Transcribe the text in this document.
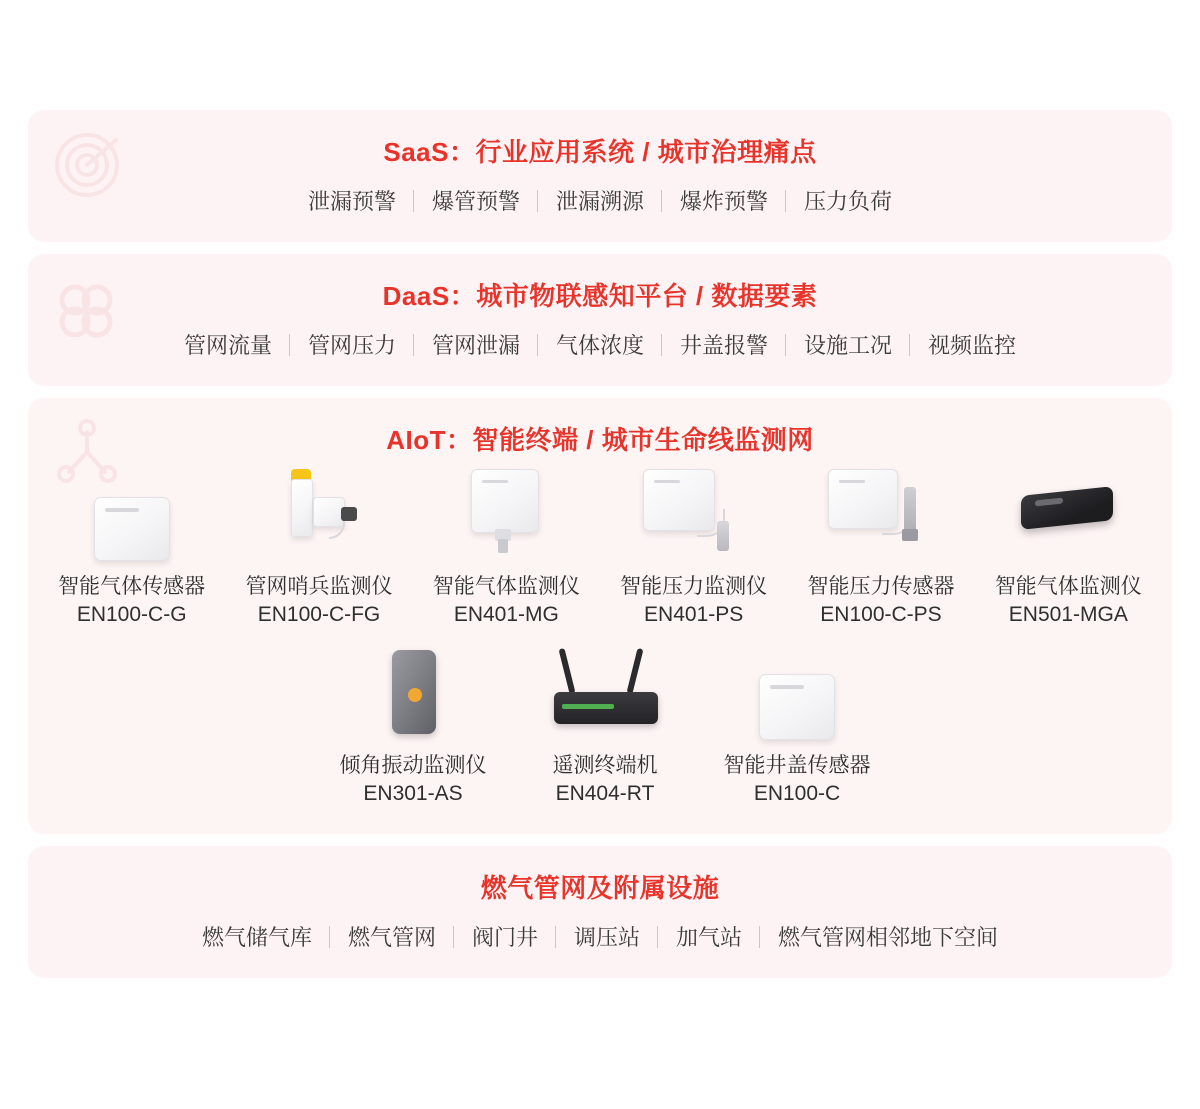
SaaS：行业应用系统 / 城市治理痛点
泄漏预警	爆管预警	泄漏溯源	爆炸预警	压力负荷
DaaS：城市物联感知平台 / 数据要素
管网流量	管网压力	管网泄漏	气体浓度	井盖报警	设施工况	视频监控
AIoT：智能终端 / 城市生命线监测网
智能气体传感器
EN100-C-G
管网哨兵监测仪
EN100-C-FG
智能气体监测仪
EN401-MG
智能压力监测仪
EN401-PS
智能压力传感器
EN100-C-PS
智能气体监测仪
EN501-MGA
倾角振动监测仪
EN301-AS
遥测终端机
EN404-RT
智能井盖传感器
EN100-C
燃气管网及附属设施
燃气储气库	燃气管网	阀门井	调压站	加气站	燃气管网相邻地下空间
